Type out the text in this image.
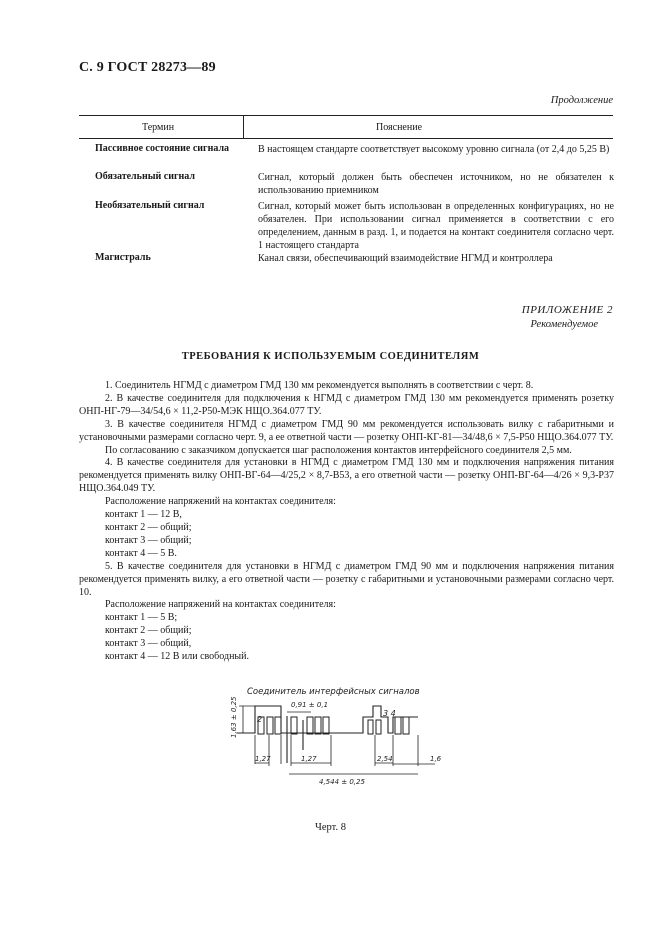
С. 9 ГОСТ 28273—89
Продолжение
Термин	Пояснение
Пассивное состояние сигнала	В настоящем стандарте соответствует высокому уровню сигнала (от 2,4 до 5,25 В)
Обязательный сигнал	Сигнал, который должен быть обеспечен источником, но не обязателен к использованию приемником
Необязательный сигнал	Сигнал, который может быть использован в определенных конфигурациях, но не обязателен. При использовании сигнал применяется в соответствии с его определением, данным в разд. 1, и подается на контакт соединителя согласно черт. 1 настоящего стандарта
Магистраль	Канал связи, обеспечивающий взаимодействие НГМД и контроллера
ПРИЛОЖЕНИЕ 2
Рекомендуемое
ТРЕБОВАНИЯ К ИСПОЛЬЗУЕМЫМ СОЕДИНИТЕЛЯМ

1. Соединитель НГМД с диаметром ГМД 130 мм рекомендуется выполнять в соответствии с черт. 8.

2. В качестве соединителя для подключения к НГМД с диаметром ГМД 130 мм рекомендуется применять розетку ОНП-НГ-79—34/54,6 × 11,2-Р50-МЭК НЩО.364.077 ТУ.

3. В качестве соединителя НГМД с диаметром ГМД 90 мм рекомендуется использовать вилку с габаритными и установочными размерами согласно черт. 9, а ее ответной части — розетку ОНП-КГ-81—34/48,6 × 7,5-Р50 НЩО.364.077 ТУ.

По согласованию с заказчиком допускается шаг расположения контактов интерфейсного соединителя 2,5 мм.

4. В качестве соединителя для установки в НГМД с диаметром ГМД 130 мм и подключения напряжения питания рекомендуется применять вилку ОНП-ВГ-64—4/25,2 × 8,7-В53, а его ответной части — розетку ОНП-ВГ-64—4/26 × 9,3-Р37 НЩО.364.049 ТУ.

Расположение напряжений на контактах соединителя:

контакт 1 — 12 В,

контакт 2 — общий;

контакт 3 — общий;

контакт 4 — 5 В.

5. В качестве соединителя для установки в НГМД с диаметром ГМД 90 мм и подключения напряжения питания рекомендуется применять вилку, а его ответной части — розетку с габаритными и установочными размерами согласно черт. 10.

Расположение напряжений на контактах соединителя:

контакт 1 — 5 В;

контакт 2 — общий;

контакт 3 — общий,

контакт 4 — 12 В или свободный.

Соединитель интерфейсных сигналов
2
3 4
0,91 ± 0,1
1,63 ± 0,25
1,27	1,27	2,54	1,6
4,544 ± 0,25
Черт. 8
